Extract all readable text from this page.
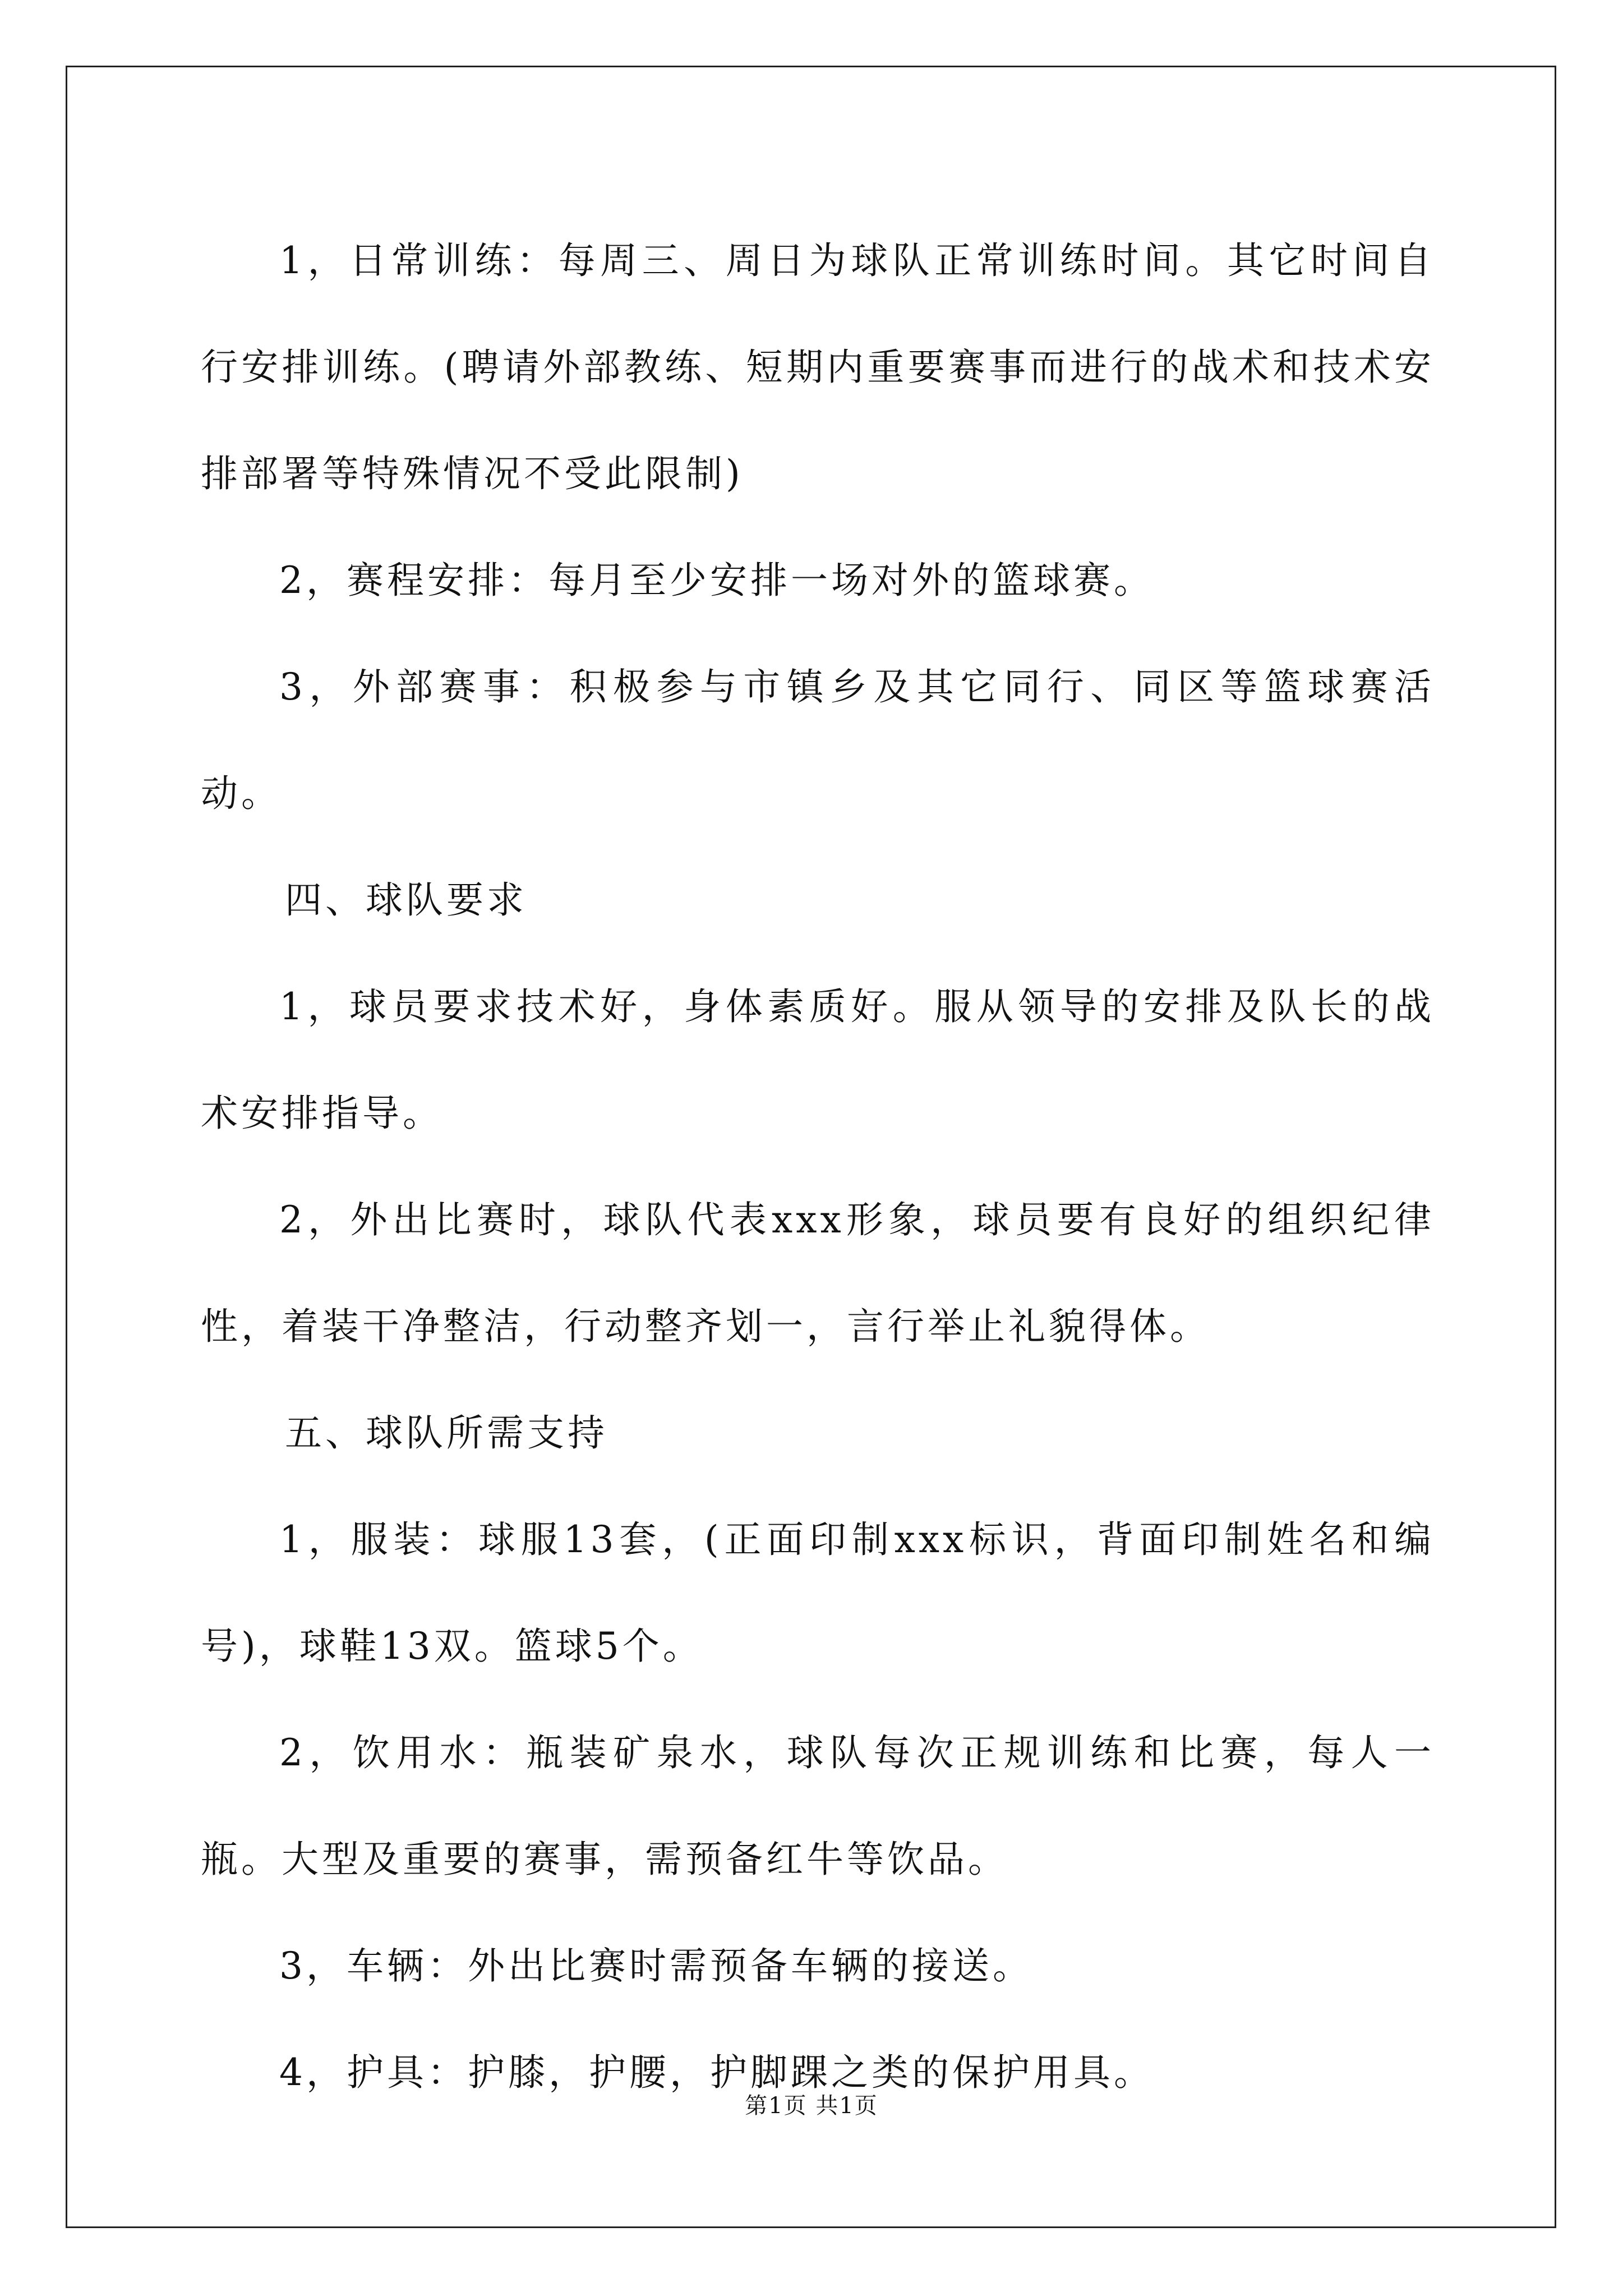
1，日常训练：每周三、周日为球队正常训练时间。其它时间自行安排训练。(聘请外部教练、短期内重要赛事而进行的战术和技术安排部署等特殊情况不受此限制)

2，赛程安排：每月至少安排一场对外的篮球赛。

3，外部赛事：积极参与市镇乡及其它同行、同区等篮球赛活动。

四、球队要求

1，球员要求技术好，身体素质好。服从领导的安排及队长的战术安排指导。

2，外出比赛时，球队代表xxx形象，球员要有良好的组织纪律性，着装干净整洁，行动整齐划一，言行举止礼貌得体。

五、球队所需支持

1，服装：球服13套，(正面印制xxx标识，背面印制姓名和编号)，球鞋13双。篮球5个。

2，饮用水：瓶装矿泉水，球队每次正规训练和比赛，每人一瓶。大型及重要的赛事，需预备红牛等饮品。

3，车辆：外出比赛时需预备车辆的接送。

4，护具：护膝，护腰，护脚踝之类的保护用具。

第1页 共1页
